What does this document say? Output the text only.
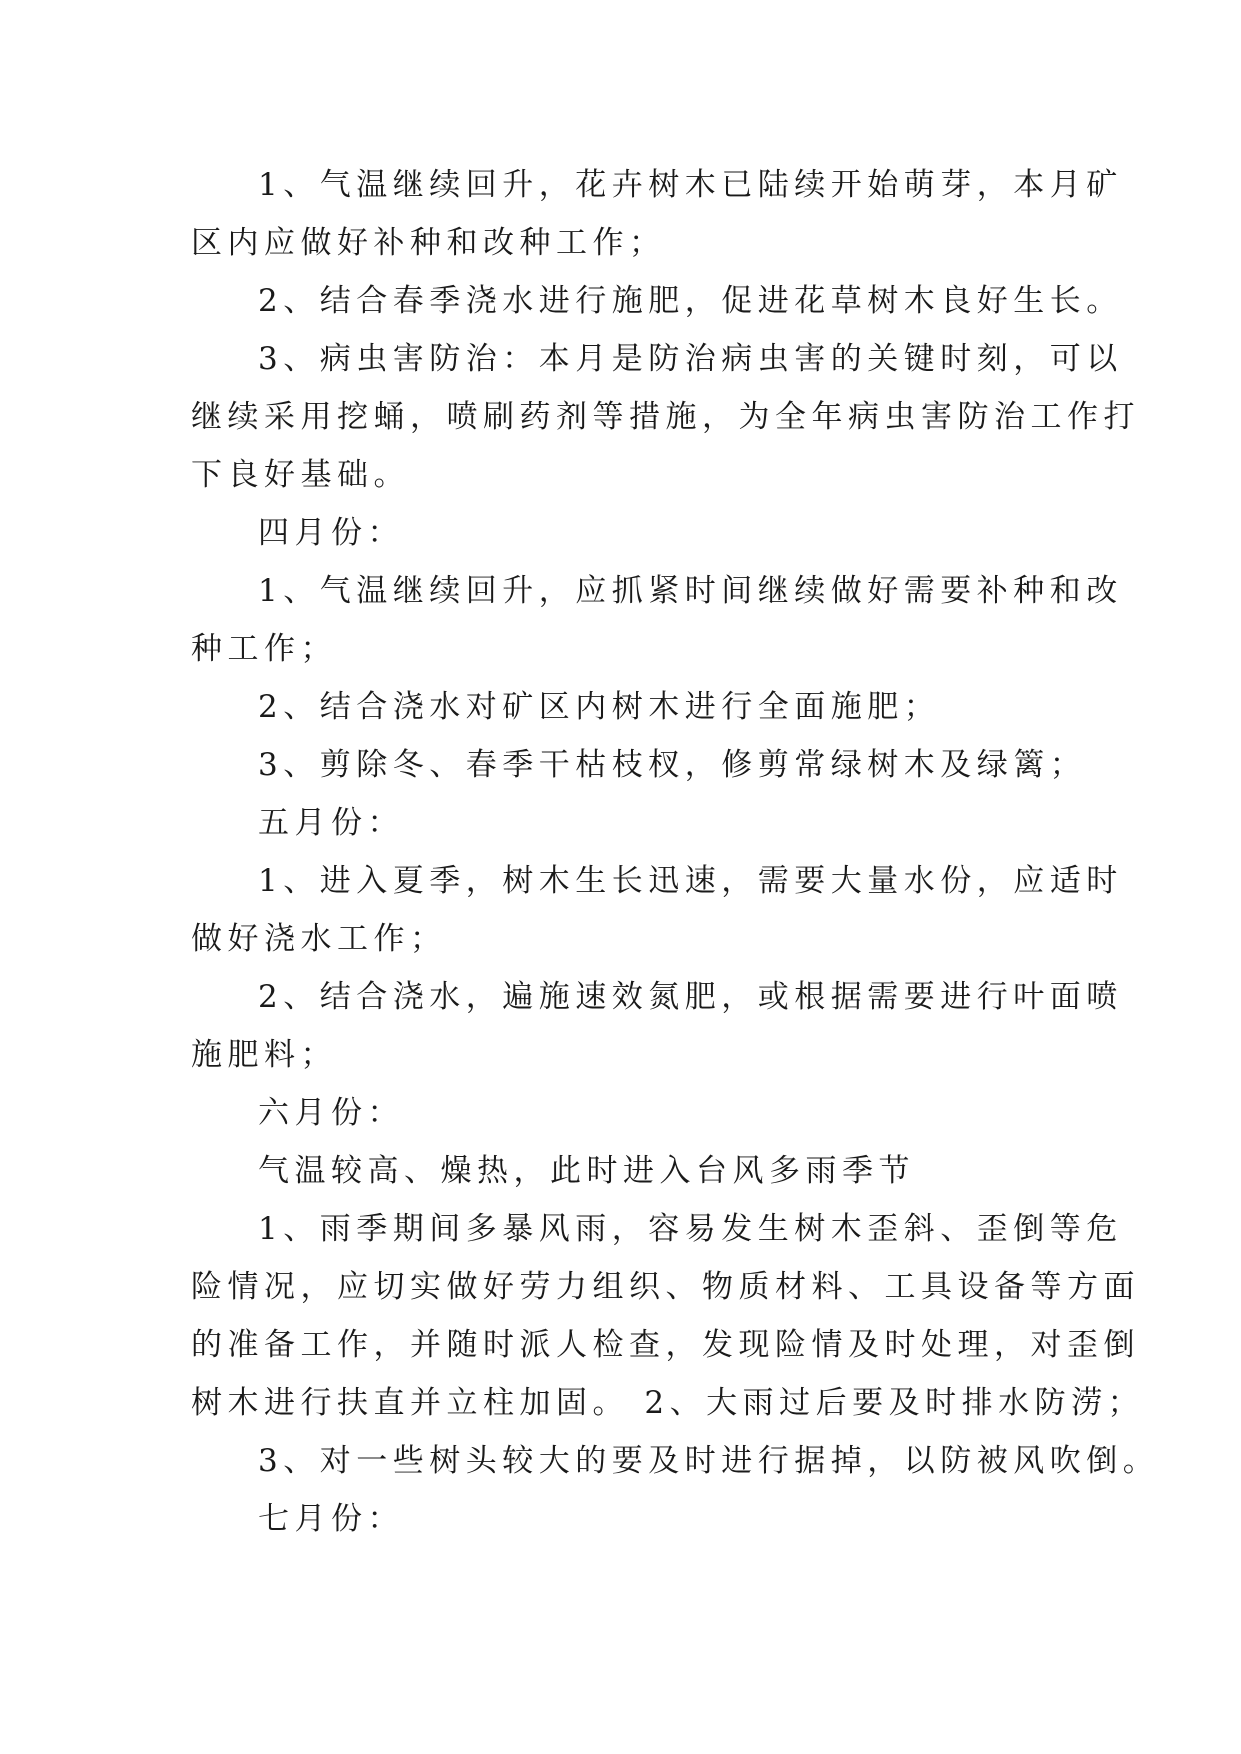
1、气温继续回升，花卉树木已陆续开始萌芽，本月矿
区内应做好补种和改种工作；
2、结合春季浇水进行施肥，促进花草树木良好生长。
3、病虫害防治：本月是防治病虫害的关键时刻，可以
继续采用挖蛹，喷刷药剂等措施，为全年病虫害防治工作打
下良好基础。
四月份：
1、气温继续回升，应抓紧时间继续做好需要补种和改
种工作；
2、结合浇水对矿区内树木进行全面施肥；
3、剪除冬、春季干枯枝杈，修剪常绿树木及绿篱；
五月份：
1、进入夏季，树木生长迅速，需要大量水份，应适时
做好浇水工作；
2、结合浇水，遍施速效氮肥，或根据需要进行叶面喷
施肥料；
六月份：
气温较高、燥热，此时进入台风多雨季节
1、雨季期间多暴风雨，容易发生树木歪斜、歪倒等危
险情况，应切实做好劳力组织、物质材料、工具设备等方面
的准备工作，并随时派人检查，发现险情及时处理，对歪倒
树木进行扶直并立柱加固。 2、大雨过后要及时排水防涝；
3、对一些树头较大的要及时进行据掉，以防被风吹倒。
七月份：
